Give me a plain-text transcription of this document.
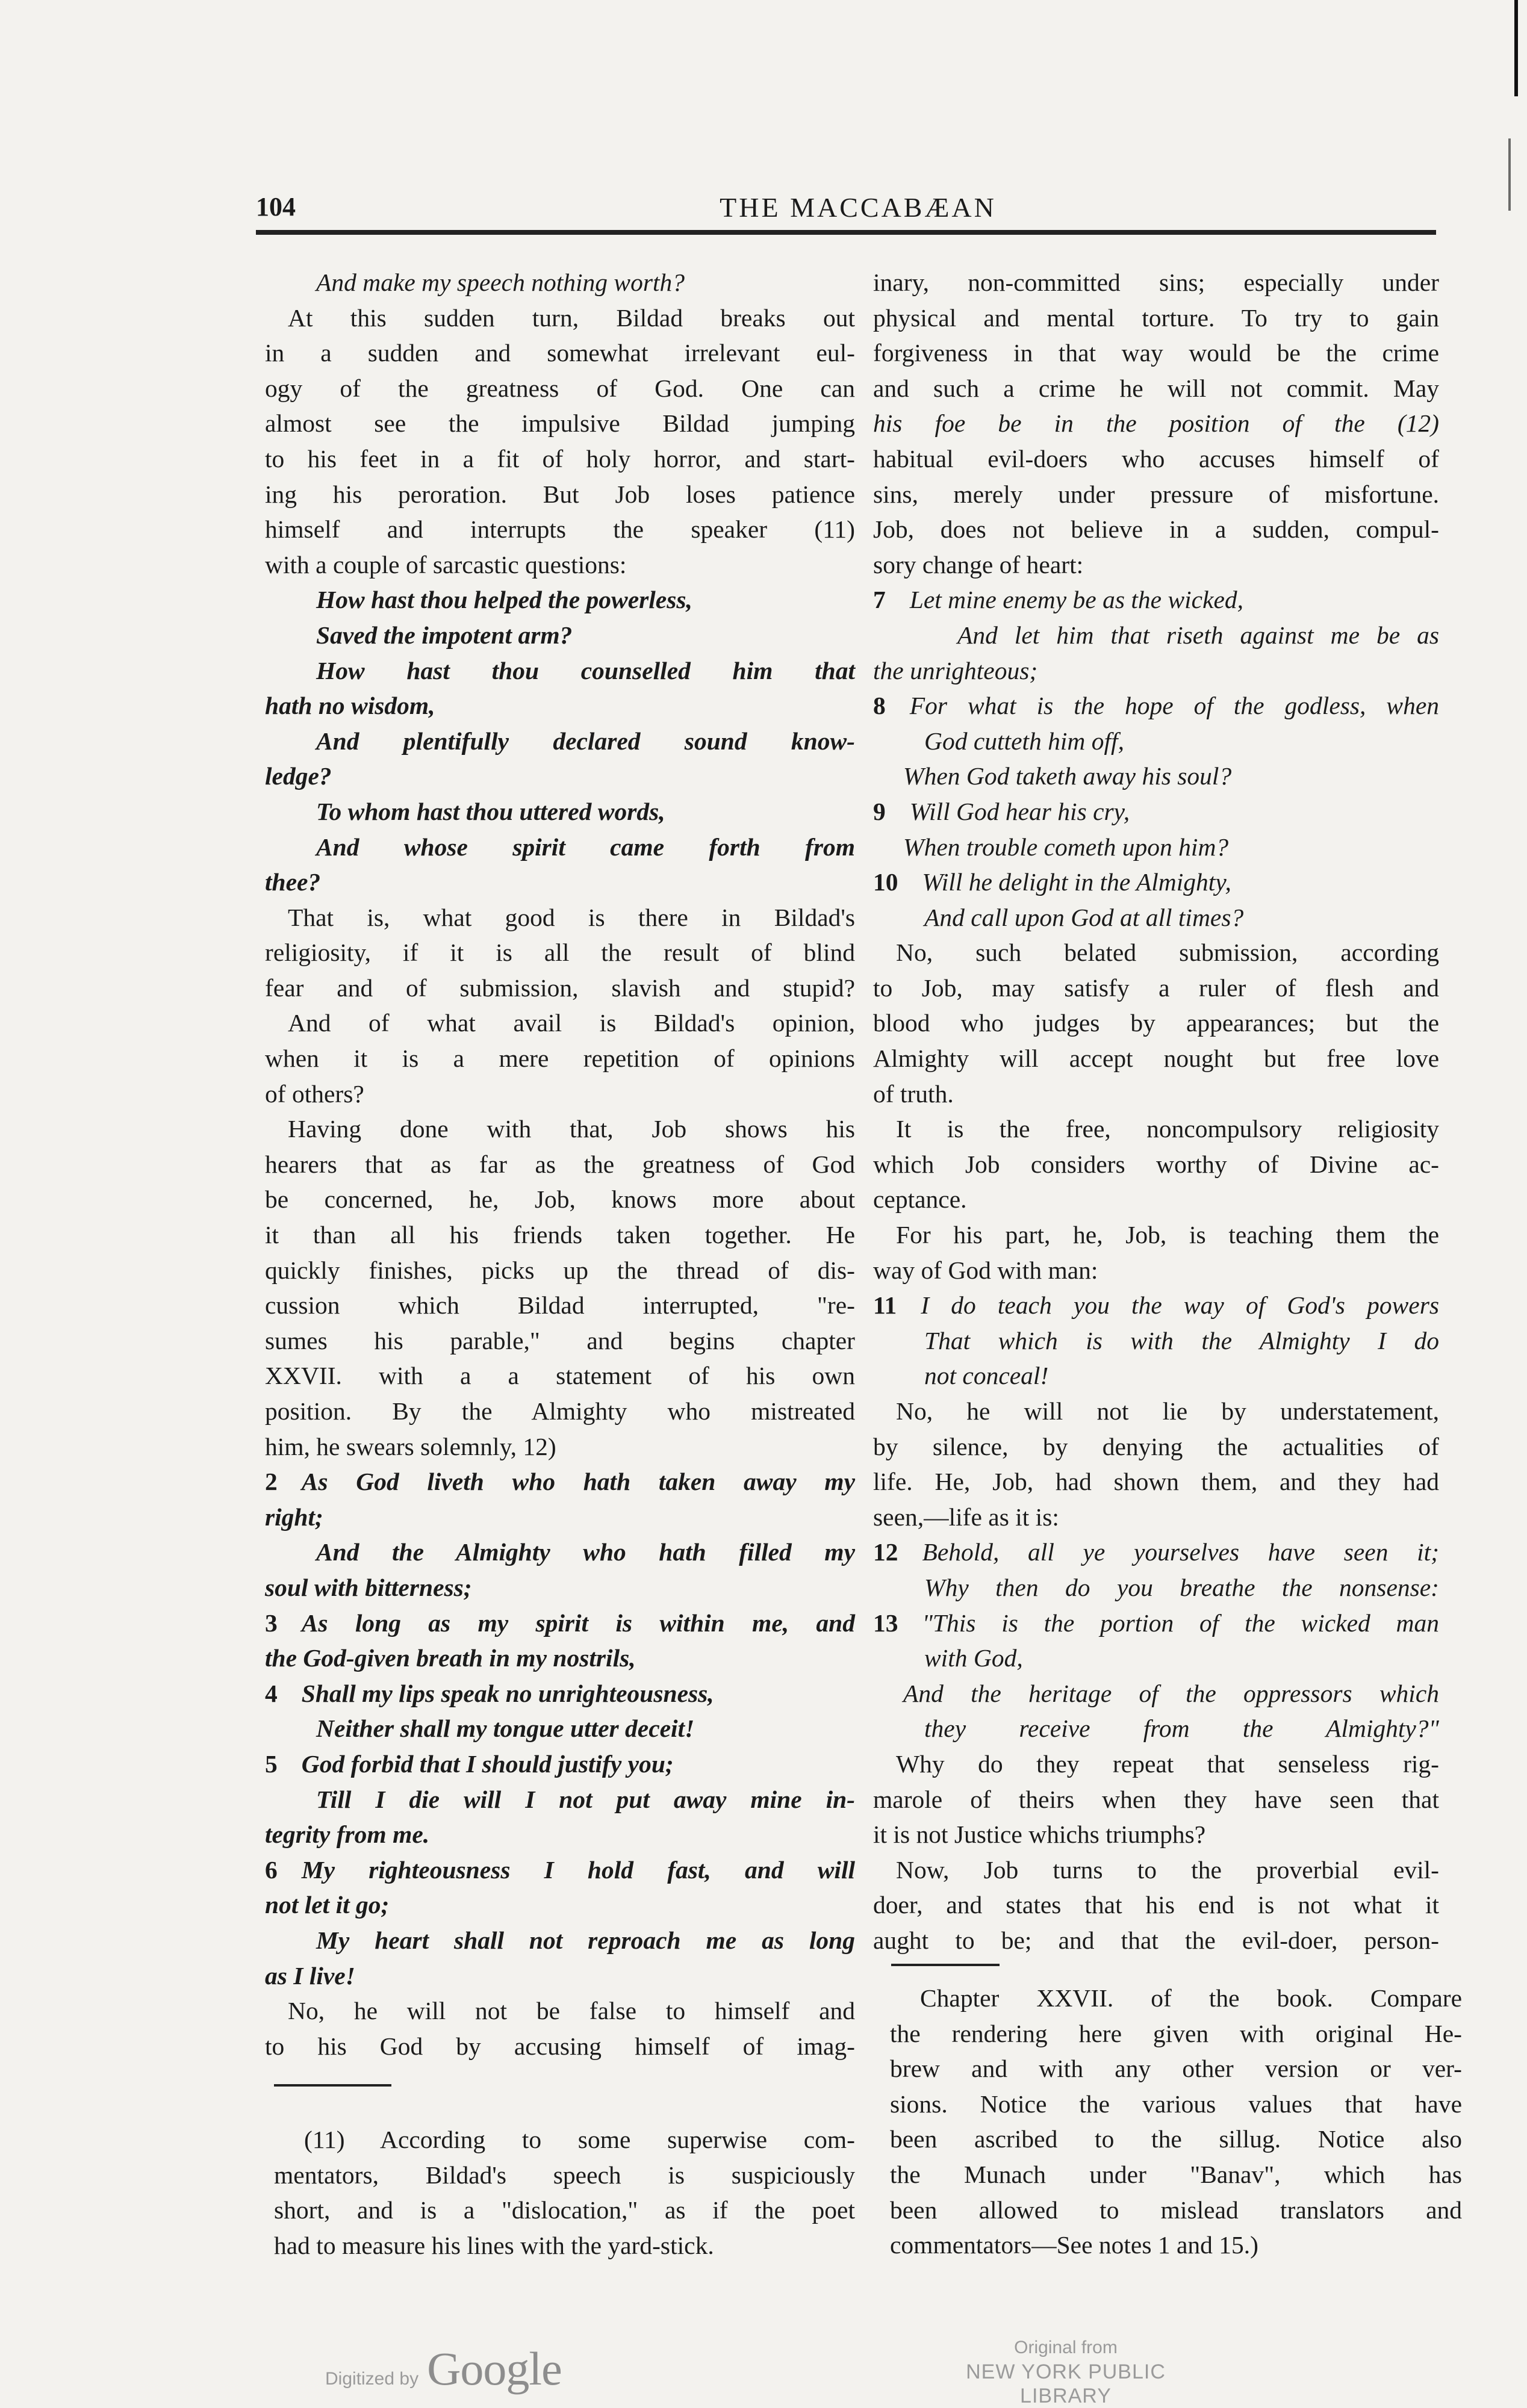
104	THE MACCABÆAN
And make my speech nothing worth?
At this sudden turn, Bildad breaks out
in a sudden and somewhat irrelevant eul-
ogy of the greatness of God. One can
almost see the impulsive Bildad jumping
to his feet in a fit of holy horror, and start-
ing his peroration. But Job loses patience
himself and interrupts the speaker (11)
with a couple of sarcastic questions:
How hast thou helped the powerless,
Saved the impotent arm?
How hast thou counselled him that
hath no wisdom,
And plentifully declared sound know-
ledge?
To whom hast thou uttered words,
And whose spirit came forth from
thee?
That is, what good is there in Bildad's
religiosity, if it is all the result of blind
fear and of submission, slavish and stupid?
And of what avail is Bildad's opinion,
when it is a mere repetition of opinions
of others?
Having done with that, Job shows his
hearers that as far as the greatness of God
be concerned, he, Job, knows more about
it than all his friends taken together. He
quickly finishes, picks up the thread of dis-
cussion which Bildad interrupted, "re-
sumes his parable," and begins chapter
XXVII. with a a statement of his own
position. By the Almighty who mistreated
him, he swears solemnly, 12)
2 As God liveth who hath taken away my
right;
And the Almighty who hath filled my
soul with bitterness;
3 As long as my spirit is within me, and
the God-given breath in my nostrils,
4 Shall my lips speak no unrighteousness,
Neither shall my tongue utter deceit!
5 God forbid that I should justify you;
Till I die will I not put away mine in-
tegrity from me.
6 My righteousness I hold fast, and will
not let it go;
My heart shall not reproach me as long
as I live!
No, he will not be false to himself and
to his God by accusing himself of imag-
inary, non-committed sins; especially under
physical and mental torture. To try to gain
forgiveness in that way would be the crime
and such a crime he will not commit. May
his foe be in the position of the (12)
habitual evil-doers who accuses himself of
sins, merely under pressure of misfortune.
Job, does not believe in a sudden, compul-
sory change of heart:
7 Let mine enemy be as the wicked,
And let him that riseth against me be as
the unrighteous;
8 For what is the hope of the godless, when
God cutteth him off,
When God taketh away his soul?
9 Will God hear his cry,
When trouble cometh upon him?
10 Will he delight in the Almighty,
And call upon God at all times?
No, such belated submission, according
to Job, may satisfy a ruler of flesh and
blood who judges by appearances; but the
Almighty will accept nought but free love
of truth.
It is the free, noncompulsory religiosity
which Job considers worthy of Divine ac-
ceptance.
For his part, he, Job, is teaching them the
way of God with man:
11 I do teach you the way of God's powers
That which is with the Almighty I do
not conceal!
No, he will not lie by understatement,
by silence, by denying the actualities of
life. He, Job, had shown them, and they had
seen,—life as it is:
12 Behold, all ye yourselves have seen it;
Why then do you breathe the nonsense:
13 "This is the portion of the wicked man
with God,
And the heritage of the oppressors which
they receive from the Almighty?"
Why do they repeat that senseless rig-
marole of theirs when they have seen that
it is not Justice whichs triumphs?
Now, Job turns to the proverbial evil-
doer, and states that his end is not what it
aught to be; and that the evil-doer, person-
(11) According to some superwise com-
mentators, Bildad's speech is suspiciously
short, and is a "dislocation," as if the poet
had to measure his lines with the yard-stick.
Chapter XXVII. of the book. Compare
the rendering here given with original He-
brew and with any other version or ver-
sions. Notice the various values that have
been ascribed to the sillug. Notice also
the Munach under "Banav", which has
been allowed to mislead translators and
commentators—See notes 1 and 15.)
Digitized by Google	Original from
NEW YORK PUBLIC LIBRARY
